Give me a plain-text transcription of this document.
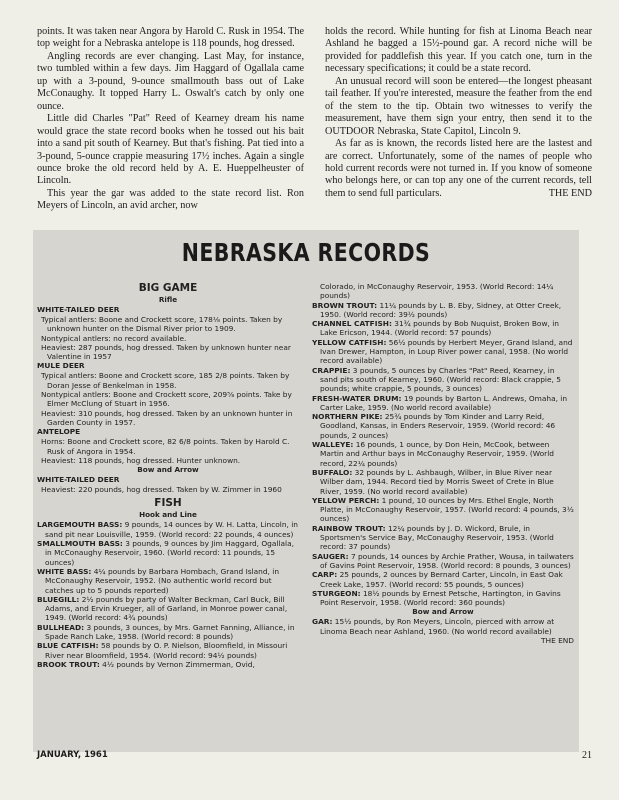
points. It was taken near Angora by Harold C. Rusk in 1954. The top weight for a Nebraska antelope is 118 pounds, hog dressed.

Angling records are ever changing. Last May, for instance, two tumbled within a few days. Jim Haggard of Ogallala came up with a 3-pound, 9-ounce smallmouth bass out of Lake McConaughy. It topped Harry L. Oswalt's catch by only one ounce.

Little did Charles "Pat" Reed of Kearney dream his name would grace the state record books when he tossed out his bait into a sand pit south of Kearney. But that's fishing. Pat tied into a 3-pound, 5-ounce crappie measuring 17½ inches. Again a single ounce broke the old record held by A. E. Hueppelheuster of Lincoln.

This year the gar was added to the state record list. Ron Meyers of Lincoln, an avid archer, now

holds the record. While hunting for fish at Linoma Beach near Ashland he bagged a 15½-pound gar. A record niche will be provided for paddlefish this year. If you catch one, turn in the necessary specifications; it could be a state record.

An unusual record will soon be entered—the longest pheasant tail feather. If you're interested, measure the feather from the end of the stem to the tip. Obtain two witnesses to verify the measurement, have them sign your entry, then send it to the OUTDOOR Nebraska, State Capitol, Lincoln 9.

As far as is known, the records listed here are the lastest and are correct. Unfortunately, some of the names of people who hold current records were not turned in. If you know of someone who belongs here, or can top any one of the current records, tell them to send full particulars.	THE END

NEBRASKA RECORDS
BIG GAME
Rifle
WHITE-TAILED DEER
Typical antlers: Boone and Crockett score, 178⅛ points. Taken by unknown hunter on the Dismal River prior to 1909.
Nontypical antlers: no record available.
Heaviest: 287 pounds, hog dressed. Taken by unknown hunter near Valentine in 1957
MULE DEER
Typical antlers: Boone and Crockett score, 185 2/8 points. Taken by Doran Jesse of Benkelman in 1958.
Nontypical antlers: Boone and Crockett score, 209⅝ points. Take by Elmer McClung of Stuart in 1956.
Heaviest: 310 pounds, hog dressed. Taken by an unknown hunter in Garden County in 1957.
ANTELOPE
Horns: Boone and Crockett score, 82 6/8 points. Taken by Harold C. Rusk of Angora in 1954.
Heaviest: 118 pounds, hog dressed. Hunter unknown.
Bow and Arrow
WHITE-TAILED DEER
Heaviest: 220 pounds, hog dressed. Taken by W. Zimmer in 1960
FISH
Hook and Line
LARGEMOUTH BASS: 9 pounds, 14 ounces by W. H. Latta, Lincoln, in sand pit near Louisville, 1959. (World record: 22 pounds, 4 ounces)
SMALLMOUTH BASS: 3 pounds, 9 ounces by Jim Haggard, Ogallala, in McConaughy Reservoir, 1960. (World record: 11 pounds, 15 ounces)
WHITE BASS: 4¼ pounds by Barbara Hombach, Grand Island, in McConaughy Reservoir, 1952. (No authentic world record but catches up to 5 pounds reported)
BLUEGILL: 2½ pounds by party of Walter Beckman, Carl Buck, Bill Adams, and Ervin Krueger, all of Garland, in Monroe power canal, 1949. (World record: 4¾ pounds)
BULLHEAD: 3 pounds, 3 ounces, by Mrs. Garnet Fanning, Alliance, in Spade Ranch Lake, 1958. (World record: 8 pounds)
BLUE CATFISH: 58 pounds by O. P. Nielson, Bloomfield, in Missouri River near Bloomfield, 1954. (World record: 94½ pounds)
BROOK TROUT: 4½ pounds by Vernon Zimmerman, Ovid,
Colorado, in McConaughy Reservoir, 1953. (World Record: 14¼ pounds)
BROWN TROUT: 11¼ pounds by L. B. Eby, Sidney, at Otter Creek, 1950. (World record: 39½ pounds)
CHANNEL CATFISH: 31¾ pounds by Bob Nuquist, Broken Bow, in Lake Ericson, 1944. (World record: 57 pounds)
YELLOW CATFISH: 56½ pounds by Herbert Meyer, Grand Island, and Ivan Drewer, Hampton, in Loup River power canal, 1958. (No world record available)
CRAPPIE: 3 pounds, 5 ounces by Charles "Pat" Reed, Kearney, in sand pits south of Kearney, 1960. (World record: Black crappie, 5 pounds; white crappie, 5 pounds, 3 ounces)
FRESH-WATER DRUM: 19 pounds by Barton L. Andrews, Omaha, in Carter Lake, 1959. (No world record available)
NORTHERN PIKE: 25¾ pounds by Tom Kinder and Larry Reid, Goodland, Kansas, in Enders Reservoir, 1959. (World record: 46 pounds, 2 ounces)
WALLEYE: 16 pounds, 1 ounce, by Don Hein, McCook, between Martin and Arthur bays in McConaughy Reservoir, 1959. (World record, 22¼ pounds)
BUFFALO: 32 pounds by L. Ashbaugh, Wilber, in Blue River near Wilber dam, 1944. Record tied by Morris Sweet of Crete in Blue River, 1959. (No world record available)
YELLOW PERCH: 1 pound, 10 ounces by Mrs. Ethel Engle, North Platte, in McConaughy Reservoir, 1957. (World record: 4 pounds, 3½ ounces)
RAINBOW TROUT: 12¼ pounds by J. D. Wickord, Brule, in Sportsmen's Service Bay, McConaughy Reservoir, 1953. (World record: 37 pounds)
SAUGER: 7 pounds, 14 ounces by Archie Prather, Wousa, in tailwaters of Gavins Point Reservoir, 1958. (World record: 8 pounds, 3 ounces)
CARP: 25 pounds, 2 ounces by Bernard Carter, Lincoln, in East Oak Creek Lake, 1957. (World record: 55 pounds, 5 ounces)
STURGEON: 18½ pounds by Ernest Petsche, Hartington, in Gavins Point Reservoir, 1958. (World record: 360 pounds)
Bow and Arrow
GAR: 15½ pounds, by Ron Meyers, Lincoln, pierced with arrow at Linoma Beach near Ashland, 1960. (No world record available)
THE END
JANUARY, 1961	21
